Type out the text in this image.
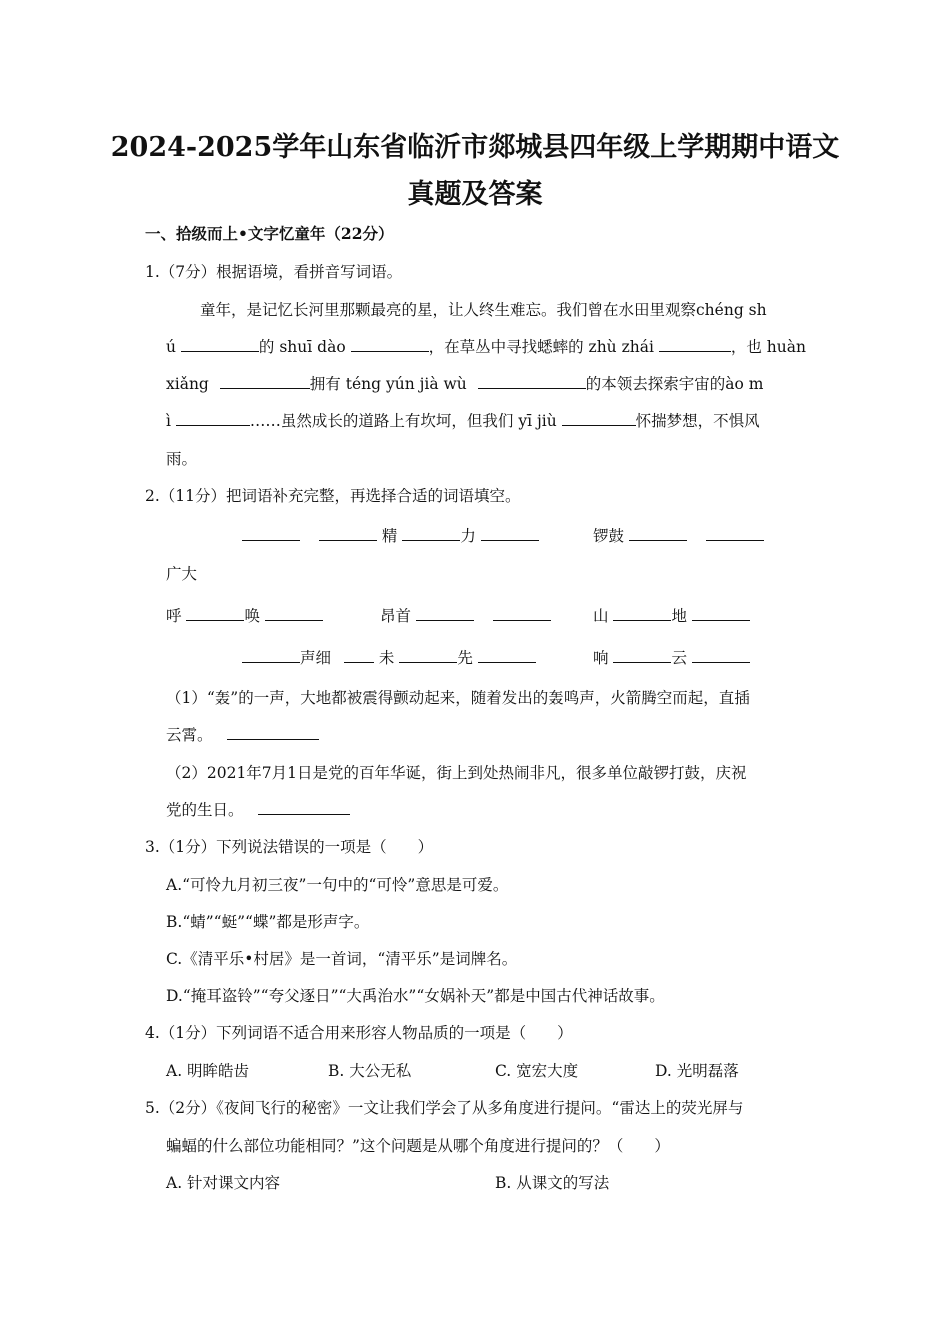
2024-2025学年山东省临沂市郯城县四年级上学期期中语文
真题及答案
一、拾级而上•文字忆童年（22分）
1.（7分）根据语境，看拼音写词语。
童年，是记忆长河里那颗最亮的星，让人终生难忘。我们曾在水田里观察chéng sh
ú	的 shuī dào	，在草丛中寻找蟋蟀的 zhù zhái	，也 huàn
xiǎng	拥有 téng yún jià wù	的本领去探索宇宙的ào m
ì	……虽然成长的道路上有坎坷，但我们 yī jiù	怀揣梦想，不惧风
雨。
2.（11分）把词语补充完整，再选择合适的词语填空。
精	力	锣鼓
广大
呼	唤	昂首	山	地
声细	未	先	响	云
（1）“轰”的一声，大地都被震得颤动起来，随着发出的轰鸣声，火箭腾空而起，直插
云霄。
（2）2021年7月1日是党的百年华诞，街上到处热闹非凡，很多单位敲锣打鼓，庆祝
党的生日。
3.（1分）下列说法错误的一项是（　　）
A.“可怜九月初三夜”一句中的“可怜”意思是可爱。
B.“蜻”“蜓”“蝶”都是形声字。
C.《清平乐•村居》是一首词，“清平乐”是词牌名。
D.“掩耳盗铃”“夸父逐日”“大禹治水”“女娲补天”都是中国古代神话故事。
4.（1分）下列词语不适合用来形容人物品质的一项是（　　）
A. 明眸皓齿	B. 大公无私	C. 宽宏大度	D. 光明磊落
5.（2分）《夜间飞行的秘密》一文让我们学会了从多角度进行提问。“雷达上的荧光屏与
蝙蝠的什么部位功能相同？”这个问题是从哪个角度进行提问的？（　　）
A. 针对课文内容	B. 从课文的写法
